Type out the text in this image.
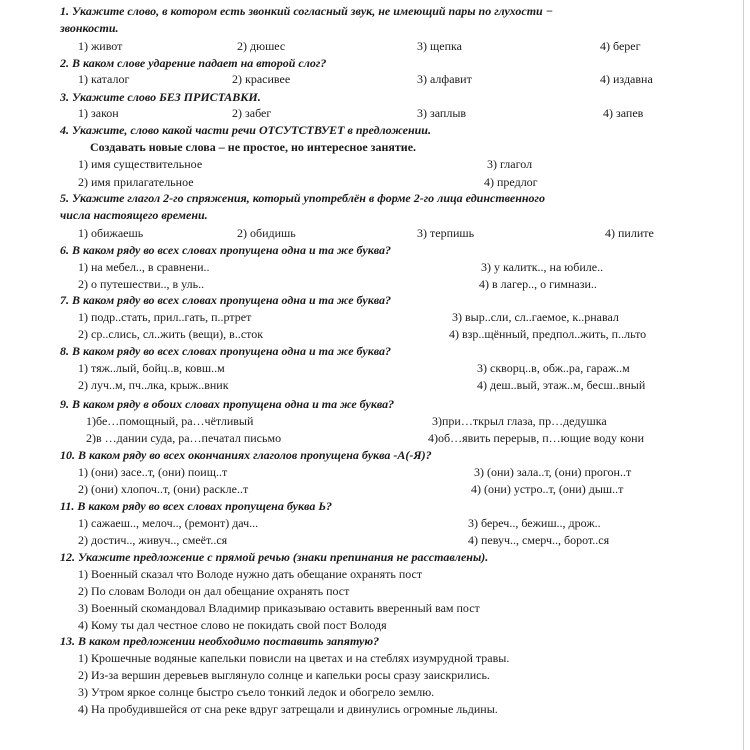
1. Укажите слово, в котором есть звонкий согласный звук, не имеющий пары по глухости −
звонкости.
1) живот	2) дюшес	3) щепка	4) берег
2. В каком слове ударение падает на второй слог?
1) каталог	2) красивее	3) алфавит	4) издавна
3. Укажите слово БЕЗ ПРИСТАВКИ.
1) закон	2) забег	3) заплыв	4) запев
4. Укажите, слово какой части речи ОТСУТСТВУЕТ в предложении.
Создавать новые слова – не простое, но интересное занятие.
1) имя существительное	3) глагол
2) имя прилагательное	4) предлог
5. Укажите глагол 2-го спряжения, который употреблён в форме 2-го лица единственного
числа настоящего времени.
1) обижаешь	2) обидишь	3) терпишь	4) пилите
6. В каком ряду во всех словах пропущена одна и та же буква?
1) на мебел.., в сравнени..	3) у калитк.., на юбиле..
2) о путешестви.., в уль..	4) в лагер.., о гимнази..
7. В каком ряду во всех словах пропущена одна и та же буква?
1) подр..стать, прил..гать, п..ртрет	3) выр..сли, сл..гаемое, к..рнавал
2) ср..слись, сл..жить (вещи), в..сток	4) взр..щённый, предпол..жить, п..льто
8. В каком ряду во всех словах пропущена одна и та же буква?
1) тяж..лый, бойц..в, ковш..м	3) скворц..в, обж..ра, гараж..м
2) луч..м, пч..лка, крыж..вник	4) деш..вый, этаж..м, бесш..вный
9. В каком ряду в обоих словах пропущена одна и та же буква?
1)бе…помощный, ра…чётливый	3)при…ткрыл глаза, пр…дедушка
2)в …дании суда, ра…печатал письмо	4)об…явить перерыв, п…ющие воду кони
10. В каком ряду во всех окончаниях глаголов пропущена буква -А(-Я)?
1) (они) засе..т, (они) поищ..т	3) (они) зала..т, (они) прогон..т
2) (они) хлопоч..т, (они) раскле..т	4) (они) устро..т, (они) дыш..т
11. В каком ряду во всех словах пропущена буква Ь?
1) сажаеш.., мелоч.., (ремонт) дач...	3) береч.., бежиш.., дрож..
2) достич.., живуч.., смеёт..ся	4) певуч.., смерч.., борот..ся
12. Укажите предложение с прямой речью (знаки препинания не расставлены).
1) Военный сказал что Володе нужно дать обещание охранять пост
2) По словам Володи он дал обещание охранять пост
3) Военный скомандовал Владимир приказываю оставить вверенный вам пост
4) Кому ты дал честное слово не покидать свой пост Володя
13. В каком предложении необходимо поставить запятую?
1) Крошечные водяные капельки повисли на цветах и на стеблях изумрудной травы.
2) Из-за вершин деревьев выглянуло солнце и капельки росы сразу заискрились.
3) Утром яркое солнце быстро съело тонкий ледок и обогрело землю.
4) На пробудившейся от сна реке вдруг затрещали и двинулись огромные льдины.
